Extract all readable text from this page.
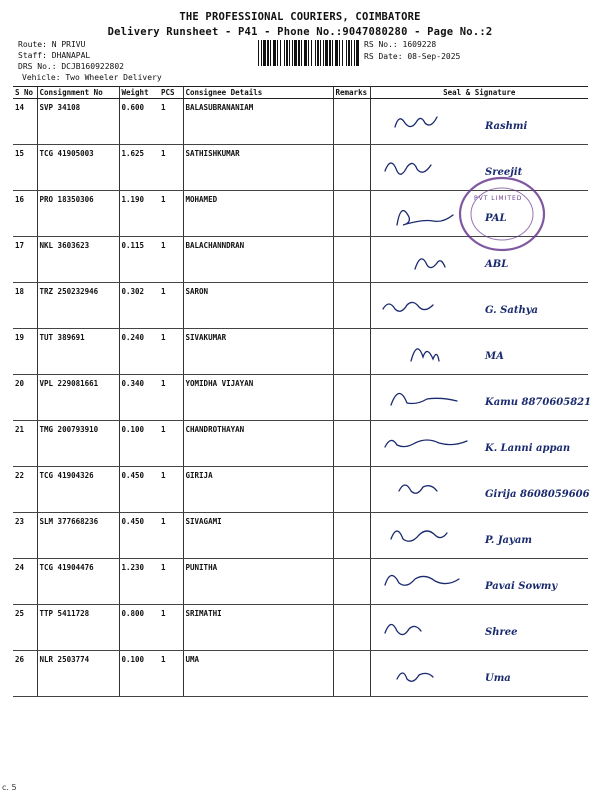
THE PROFESSIONAL COURIERS, COIMBATORE
Delivery Runsheet - P41 - Phone No.:9047080280 - Page No.:2
Route: N PRIVU
Staff: DHANAPAL
DRS No.: DCJB160922802
Vehicle: Two Wheeler Delivery
RS No.: 1609228
RS Date: 08-Sep-2025
S No	Consignment No	Weight	PCS	Consignee Details	Remarks	Seal & Signature
14	SVP 34108	0.600	1	BALASUBRANANIAM		Rashmi

15	TCG 41905003	1.625	1	SATHISHKUMAR		Sreejit

16	PRO 18350306	1.190	1	MOHAMED		PAL

17	NKL 3603623	0.115	1	BALACHANNDRAN		ABL

18	TRZ 250232946	0.302	1	SARON		G. Sathya

19	TUT 389691	0.240	1	SIVAKUMAR		MA

20	VPL 229081661	0.340	1	YOMIDHA VIJAYAN		Kamu 8870605821

21	TMG 200793910	0.100	1	CHANDROTHAYAN		K. Lanni appan

22	TCG 41904326	0.450	1	GIRIJA		Girija 8608059606

23	SLM 377668236	0.450	1	SIVAGAMI		P. Jayam

24	TCG 41904476	1.230	1	PUNITHA		Pavai Sowmy

25	TTP 5411728	0.800	1	SRIMATHI		Shree

26	NLR 2503774	0.100	1	UMA		Uma
PVT LIMITED
c. 5
